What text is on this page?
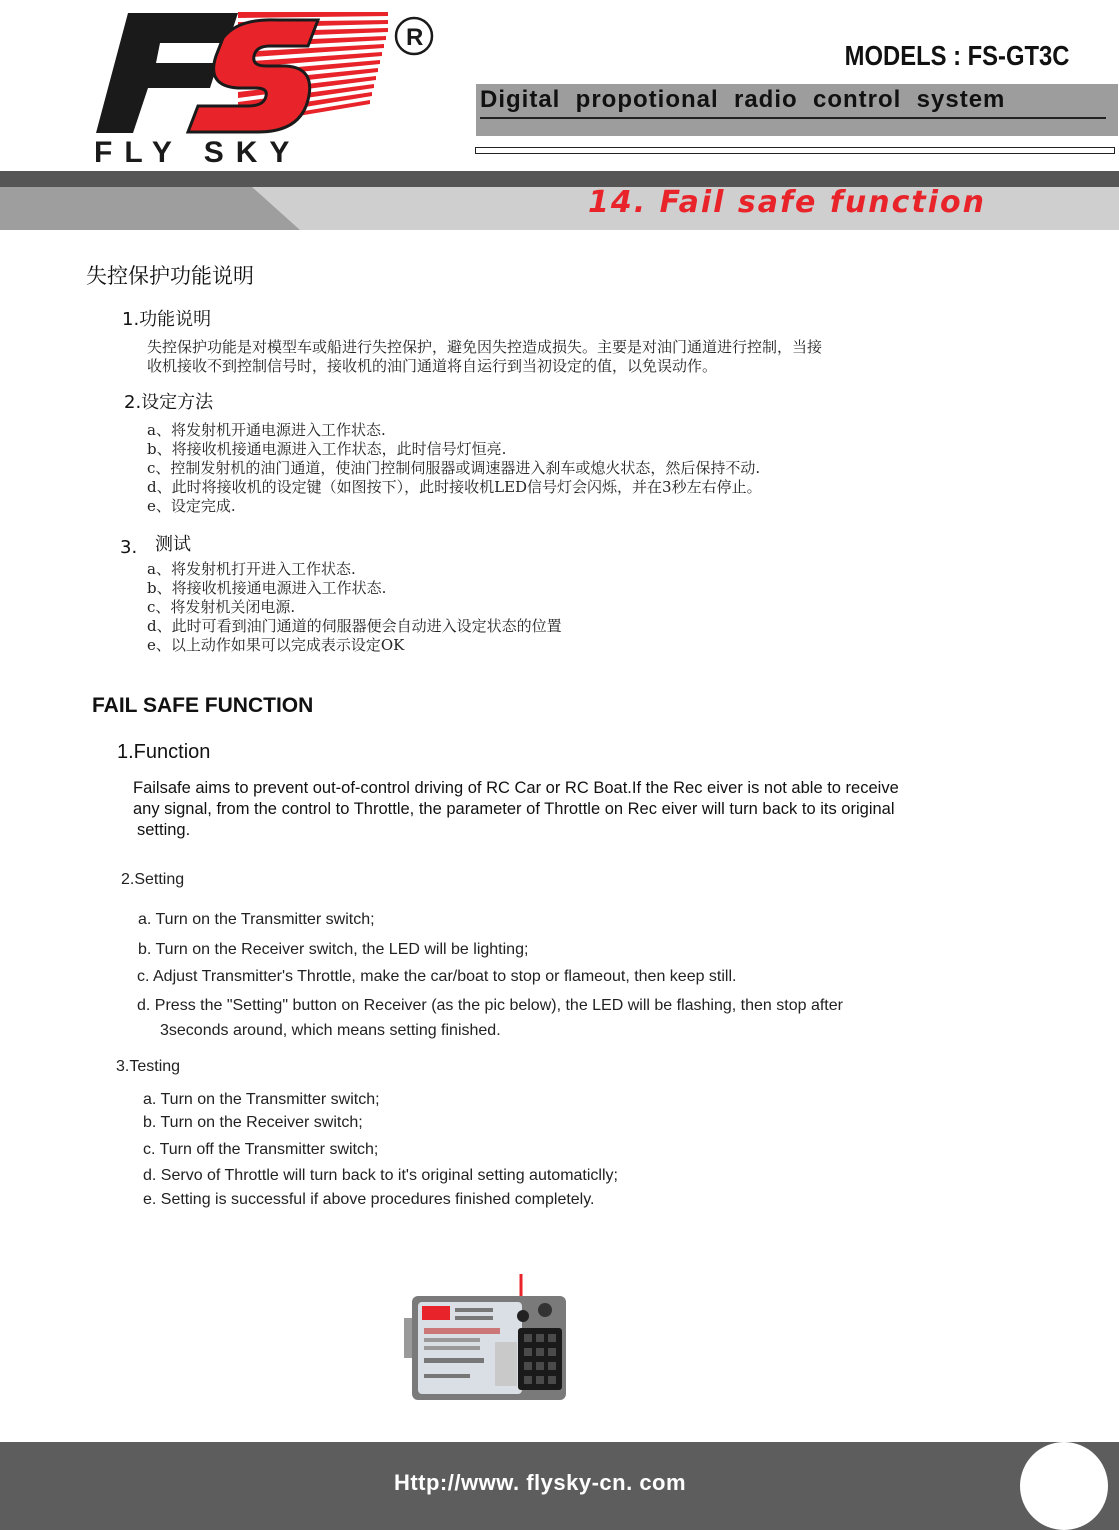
R
FLY SKY
MODELS : FS-GT3C
Digital  propotional  radio  control  system
14. Fail safe function
失控保护功能说明
1.功能说明
失控保护功能是对模型车或船进行失控保护，避免因失控造成损失。主要是对油门通道进行控制，当接
收机接收不到控制信号时，接收机的油门通道将自运行到当初设定的值，以免误动作。
2.设定方法
a、将发射机开通电源进入工作状态.
b、将接收机接通电源进入工作状态，此时信号灯恒亮.
c、控制发射机的油门通道，使油门控制伺服器或调速器进入刹车或熄火状态，然后保持不动.
d、此时将接收机的设定键（如图按下），此时接收机LED信号灯会闪烁，并在3秒左右停止。
e、设定完成.
3. 测试
a、将发射机打开进入工作状态.
b、将接收机接通电源进入工作状态.
c、将发射机关闭电源.
d、此时可看到油门通道的伺服器便会自动进入设定状态的位置
e、以上动作如果可以完成表示设定OK
FAIL SAFE FUNCTION
1.Function
Failsafe aims to prevent out-of-control driving of RC Car or RC Boat.If the Rec eiver is not able to receive
any signal, from the control to Throttle, the parameter of Throttle on Rec eiver will turn back to its original
setting.
2.Setting
a. Turn on the Transmitter switch;
b. Turn on the Receiver switch, the LED will be lighting;
c. Adjust Transmitter's Throttle, make the car/boat to stop or flameout, then keep still.
d. Press the "Setting" button on Receiver (as the pic below), the LED will be flashing, then stop after
3seconds around, which means setting finished.
3.Testing
a. Turn on the Transmitter switch;
b. Turn on the Receiver switch;
c. Turn off the Transmitter switch;
d. Servo of Throttle will turn back to it's original setting automaticlly;
e. Setting is successful if above procedures finished completely.
Http://www. flysky-cn. com
